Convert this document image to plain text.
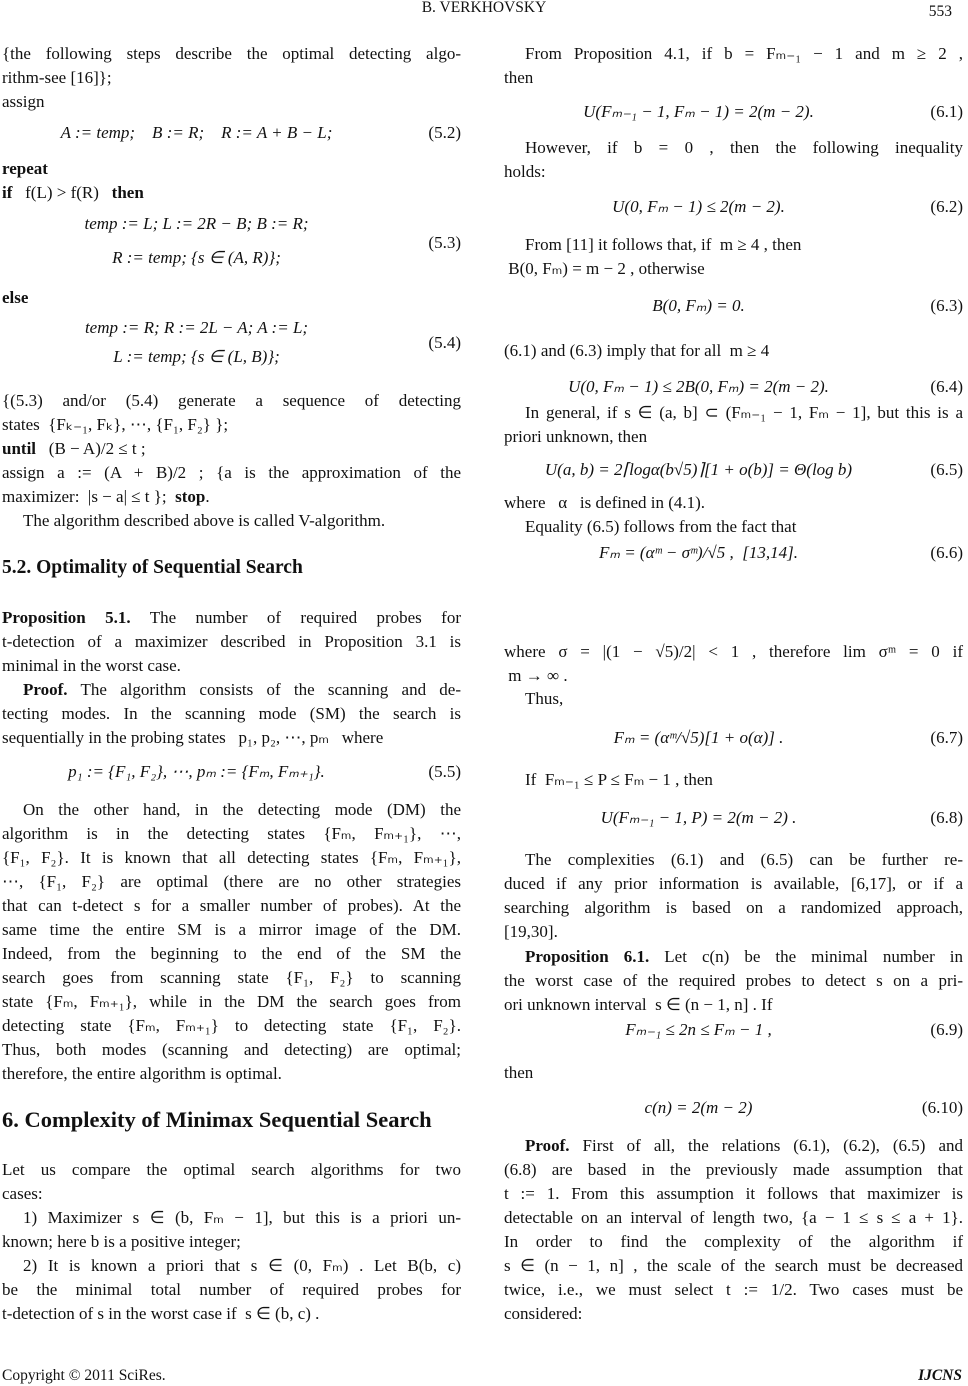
B. VERKHOVSKY	553
{the following steps describe the optimal detecting algo-
rithm-see [16]};
assign
A := temp;    B := R;    R := A + B − L;	(5.2)
repeat
if   f(L) > f(R)   then
temp := L; L := 2R − B; B := R;
R := temp; {s ∈ (A, R)};
(5.3)
else
temp := R; R := 2L − A; A := L;
L := temp; {s ∈ (L, B)};
(5.4)
{(5.3) and/or (5.4) generate a sequence of detecting
states  {Fₖ₋₁, Fₖ}, ⋯, {F₁, F₂} };
until   (B − A)/2 ≤ t ;
assign a := (A + B)/2 ; {a is the approximation of the
maximizer:  |s − a| ≤ t };  stop.
The algorithm described above is called V-algorithm.
5.2. Optimality of Sequential Search
Proposition 5.1. The number of required probes for
t-detection of a maximizer described in Proposition 3.1 is
minimal in the worst case.
Proof. The algorithm consists of the scanning and de-
tecting modes. In the scanning mode (SM) the search is
sequentially in the probing states   p₁, p₂, ⋯, pₘ   where
p₁ := {F₁, F₂}, ⋯, pₘ := {Fₘ, Fₘ₊₁}.	(5.5)
On the other hand, in the detecting mode (DM) the
algorithm is in the detecting states {Fₘ, Fₘ₊₁}, ⋯,
{F₁, F₂}. It is known that all detecting states {Fₘ, Fₘ₊₁},
⋯, {F₁, F₂} are optimal (there are no other strategies
that can t-detect s for a smaller number of probes). At the
same time the entire SM is a mirror image of the DM.
Indeed, from the beginning to the end of the SM the
search goes from scanning state {F₁, F₂} to scanning
state {Fₘ, Fₘ₊₁}, while in the DM the search goes from
detecting state {Fₘ, Fₘ₊₁} to detecting state {F₁, F₂}.
Thus, both modes (scanning and detecting) are optimal;
therefore, the entire algorithm is optimal.
6. Complexity of Minimax Sequential Search
Let us compare the optimal search algorithms for two
cases:
1) Maximizer s ∈ (b, Fₘ − 1], but this is a priori un-
known; here b is a positive integer;
2) It is known a priori that s ∈ (0, Fₘ) . Let B(b, c)
be the minimal total number of required probes for
t-detection of s in the worst case if  s ∈ (b, c) .
From Proposition 4.1, if b = Fₘ₋₁ − 1 and m ≥ 2 ,
then
U(Fₘ₋₁ − 1, Fₘ − 1) = 2(m − 2).	(6.1)
However, if b = 0 , then the following inequality
holds:
U(0, Fₘ − 1) ≤ 2(m − 2).	(6.2)
From [11] it follows that, if  m ≥ 4 , then
B(0, Fₘ) = m − 2 , otherwise
B(0, Fₘ) = 0.	(6.3)
(6.1) and (6.3) imply that for all  m ≥ 4
U(0, Fₘ − 1) ≤ 2B(0, Fₘ) = 2(m − 2).	(6.4)
In general, if s ∈ (a, b] ⊂ (Fₘ₋₁ − 1, Fₘ − 1], but this is a
priori unknown, then
U(a, b) = 2⌈logα(b√5)⌉[1 + o(b)] = Θ(log b)	(6.5)
where   α   is defined in (4.1).
Equality (6.5) follows from the fact that
Fₘ = (αᵐ − σᵐ)/√5 ,  [13,14].	(6.6)
where σ = |(1 − √5)/2| < 1 , therefore lim σᵐ = 0 if
m → ∞ .
Thus,
Fₘ = (αᵐ/√5)[1 + o(α)] .	(6.7)
If  Fₘ₋₁ ≤ P ≤ Fₘ − 1 , then
U(Fₘ₋₁ − 1, P) = 2(m − 2) .	(6.8)
The complexities (6.1) and (6.5) can be further re-
duced if any prior information is available, [6,17], or if a
searching algorithm is based on a randomized approach,
[19,30].
Proposition 6.1. Let c(n) be the minimal number in
the worst case of the required probes to detect s on a pri-
ori unknown interval  s ∈ (n − 1, n] . If
Fₘ₋₁ ≤ 2n ≤ Fₘ − 1 ,	(6.9)
then
c(n) = 2(m − 2)	(6.10)
Proof. First of all, the relations (6.1), (6.2), (6.5) and
(6.8) are based in the previously made assumption that
t := 1. From this assumption it follows that maximizer is
detectable on an interval of length two, {a − 1 ≤ s ≤ a + 1}.
In order to find the complexity of the algorithm if
s ∈ (n − 1, n] , the scale of the search must be decreased
twice, i.e., we must select t := 1/2. Two cases must be
considered:
Copyright © 2011 SciRes.	IJCNS
